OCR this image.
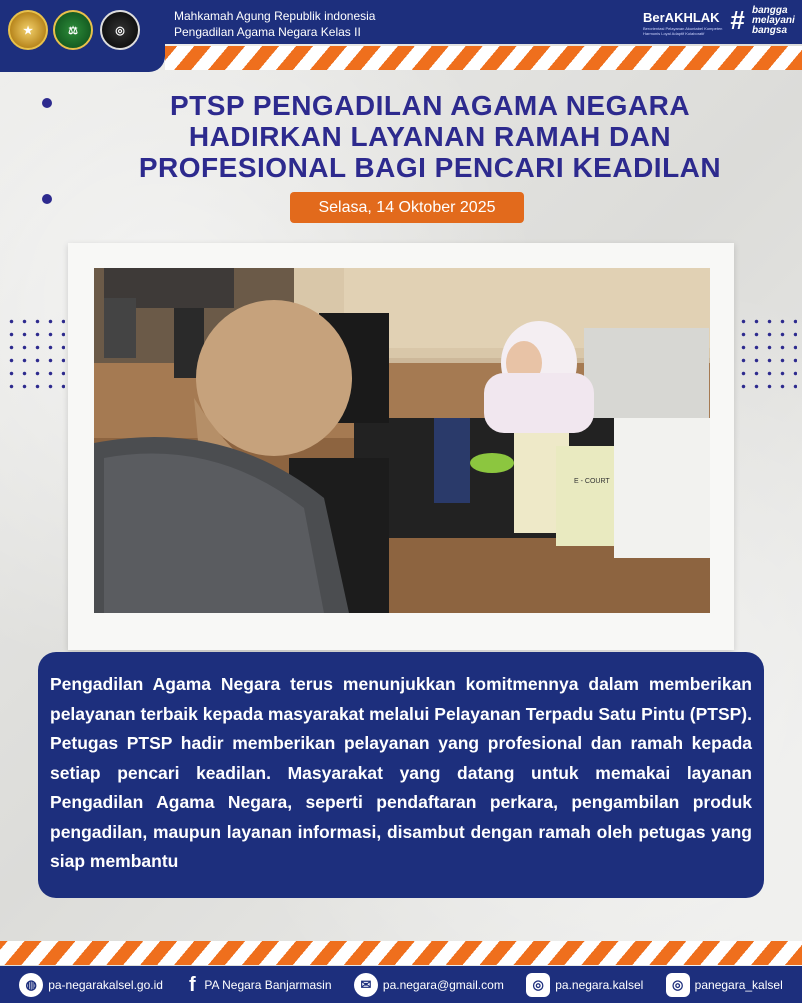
★	⚖	◎
Mahkamah Agung Republik indonesia
Pengadilan Agama Negara Kelas II
BerAKHLAK
Berorientasi Pelayanan Akuntabel Kompeten Harmonis Loyal Adaptif Kolaboratif # bangga
melayani
bangsa
PTSP PENGADILAN AGAMA NEGARA
HADIRKAN LAYANAN RAMAH DAN
PROFESIONAL BAGI PENCARI KEADILAN
Selasa, 14 Oktober 2025
E - COURT

Pengadilan Agama Negara terus menunjukkan komitmennya dalam memberikan pelayanan terbaik kepada masyarakat melalui Pelayanan Terpadu Satu Pintu (PTSP). Petugas PTSP hadir memberikan pelayanan yang profesional dan ramah kepada setiap pencari keadilan. Masyarakat yang datang untuk memakai layanan Pengadilan Agama Negara, seperti pendaftaran perkara, pengambilan produk pengadilan, maupun layanan informasi, disambut dengan ramah oleh petugas yang siap membantu

◍ pa-negarakalsel.go.id f PA Negara Banjarmasin	✉ pa.negara@gmail.com	◎ pa.negara.kalsel	◎ panegara_kalsel
